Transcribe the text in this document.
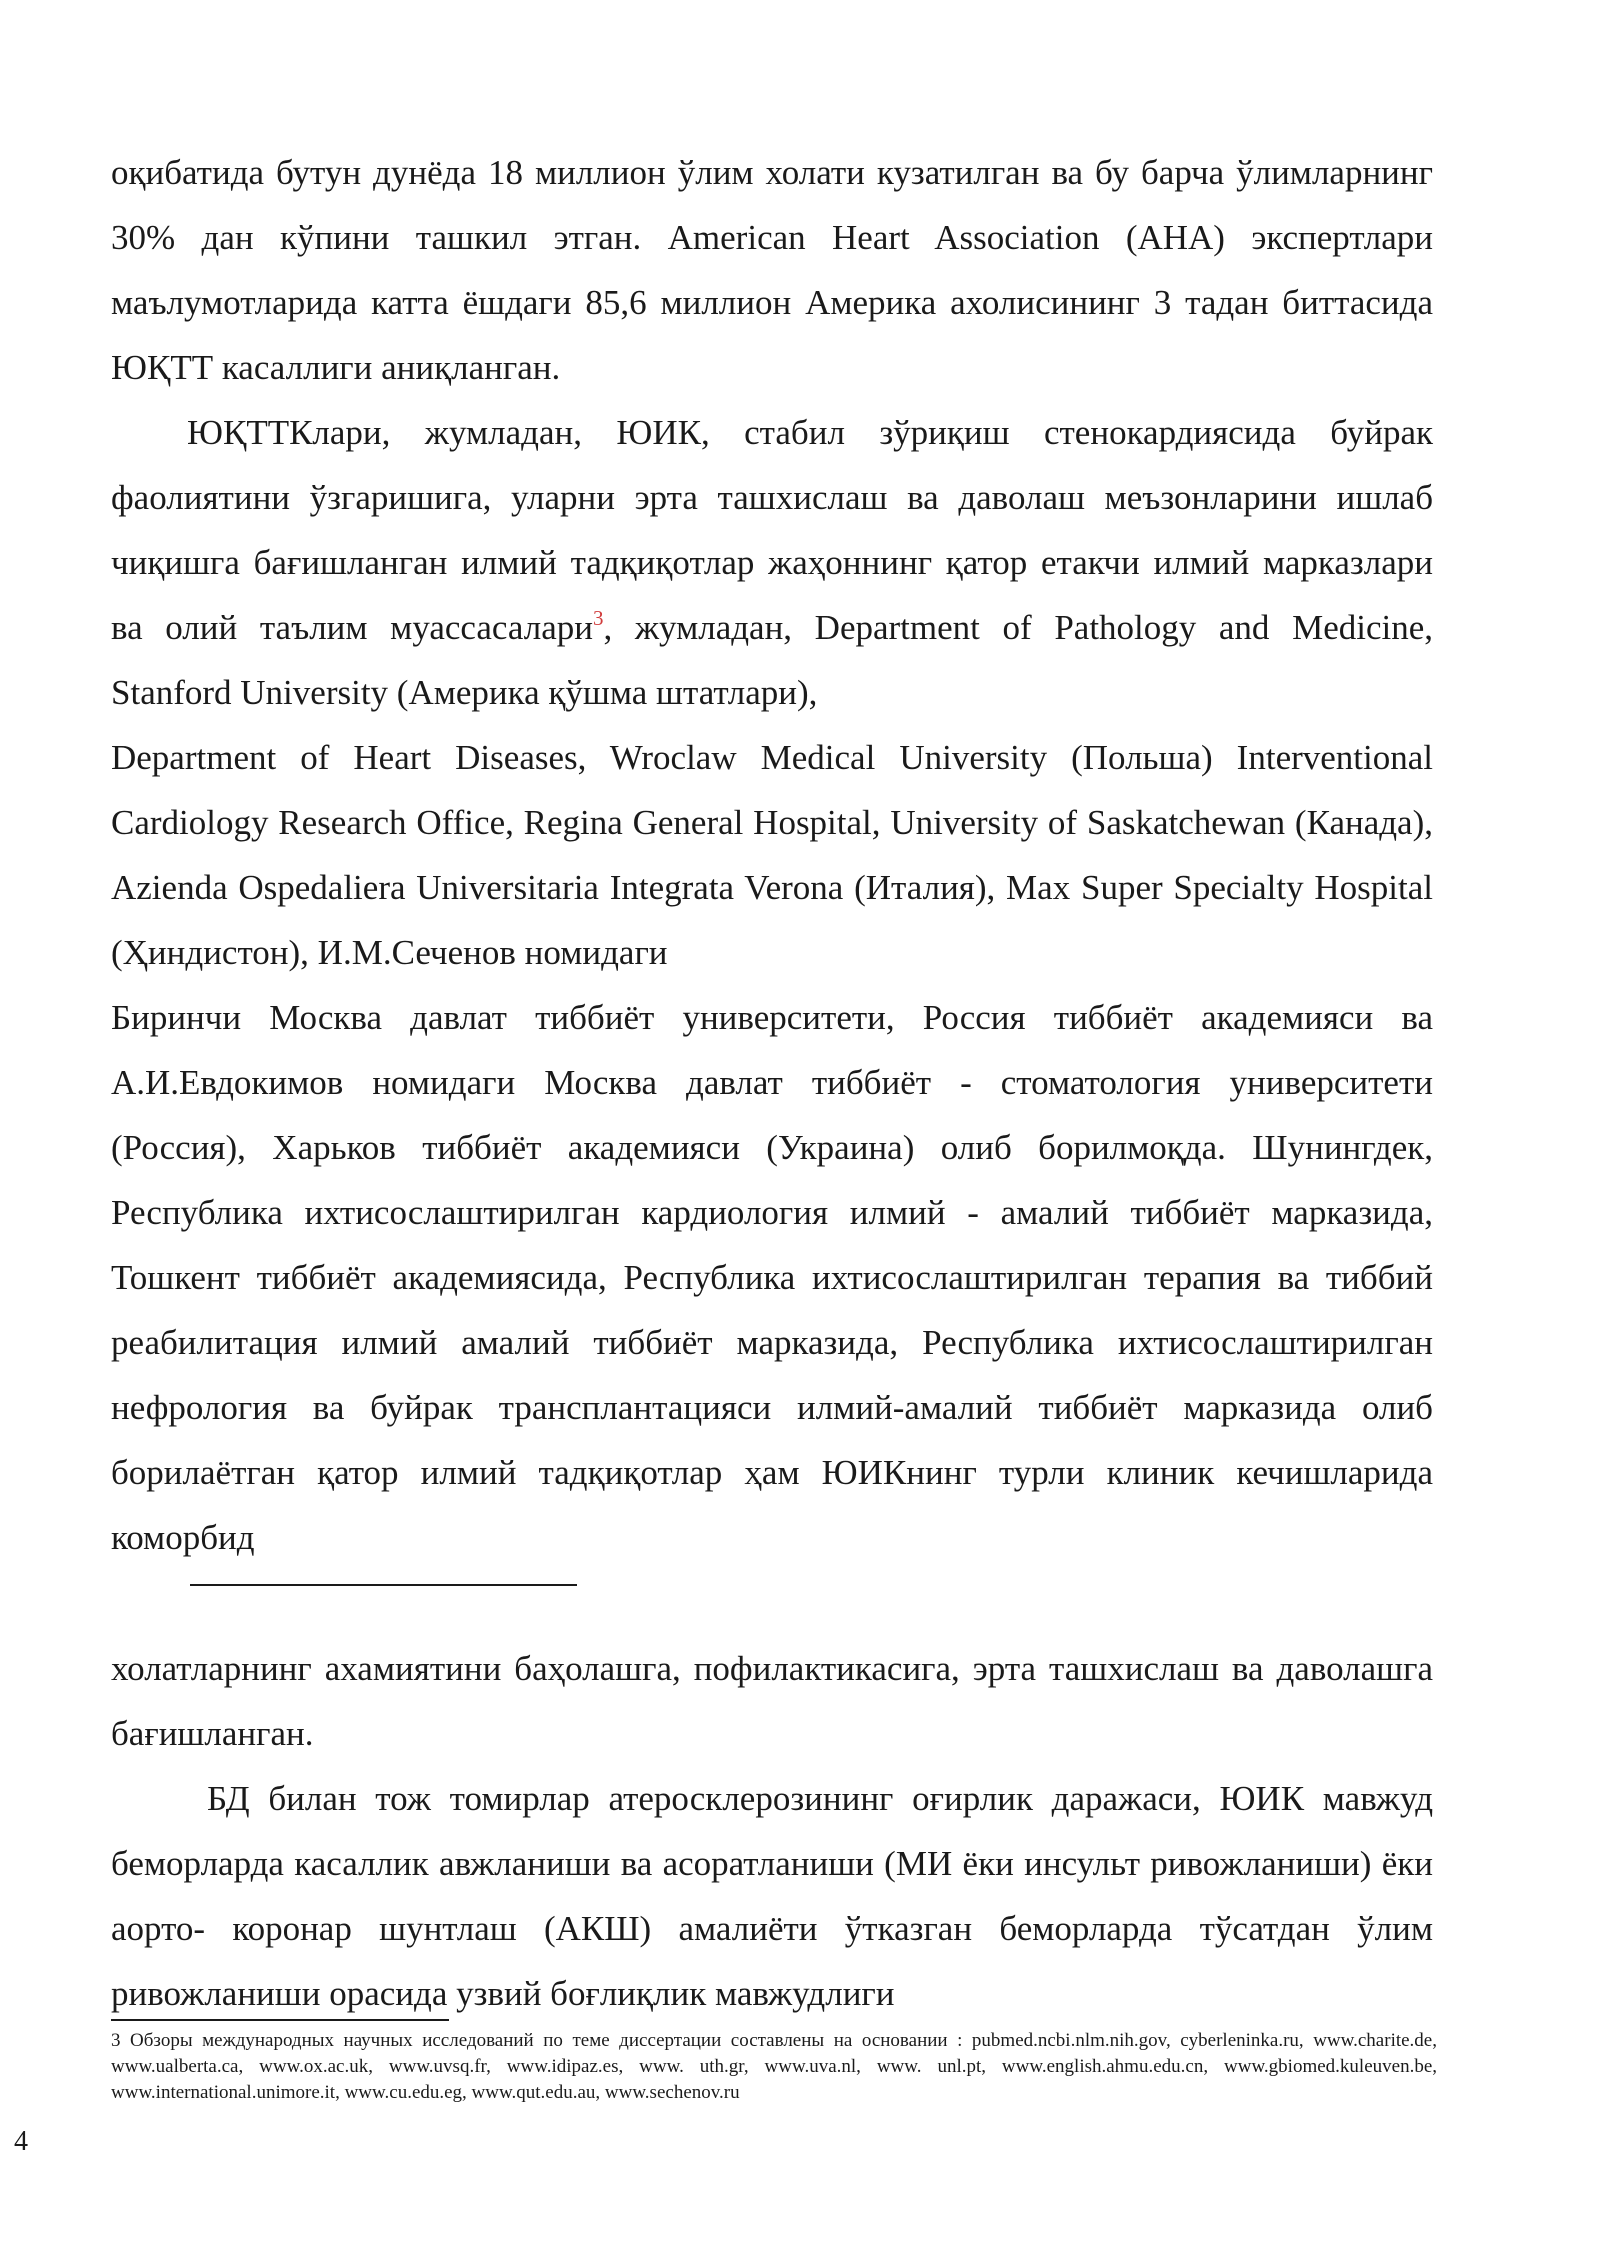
оқибатида бутун дунёда 18 миллион ўлим холати кузатилган ва бу барча ўлимларнинг 30% дан кўпини ташкил этган. American Heart Association (AHA) экспертлари маълумотларида катта ёшдаги 85,6 миллион Америка ахолисининг 3 тадан биттасида ЮҚТТ касаллиги аниқланган.

ЮҚТТКлари, жумладан, ЮИК, стабил зўриқиш стенокардиясида буйрак фаолиятини ўзгаришига, уларни эрта ташхислаш ва даволаш меъзонларини ишлаб чиқишга бағишланган илмий тадқиқотлар жаҳоннинг қатор етакчи илмий марказлари ва олий таълим муассасалари$^3$, жумладан, Department of Pathology and Medicine, Stanford University (Америка қўшма штатлари),

Department of Heart Diseases, Wroclaw Medical University (Польша) Interventional Cardiology Research Office, Regina General Hospital, University of Saskatchewan (Канада), Azienda Ospedaliera Universitaria Integrata Verona (Италия), Max Super Specialty Hospital (Ҳиндистон), И.М.Сеченов номидаги

Биринчи Москва давлат тиббиёт университети, Россия тиббиёт академияси ва А.И.Евдокимов номидаги Москва давлат тиббиёт - стоматология университети (Россия), Харьков тиббиёт академияси (Украина) олиб борилмоқда. Шунингдек, Республика ихтисослаштирилган кардиология илмий - амалий тиббиёт марказида, Тошкент тиббиёт академиясида, Республика ихтисослаштирилган терапия ва тиббий реабилитация илмий амалий тиббиёт марказида, Республика ихтисослаштирилган нефрология ва буйрак трансплантацияси илмий-амалий тиббиёт марказида олиб борилаётган қатор илмий тадқиқотлар ҳам ЮИКнинг турли клиник кечишларида коморбид

холатларнинг ахамиятини баҳолашга, пофилактикасига, эрта ташхислаш ва даволашга бағишланган.

БД билан тож томирлар атеросклерозининг оғирлик даражаси, ЮИК мавжуд беморларда касаллик авжланиши ва асоратланиши (МИ ёки инсульт ривожланиши) ёки аорто- коронар шунтлаш (АКШ) амалиёти ўтказган беморларда тўсатдан ўлим ривожланиши орасида узвий боғлиқлик мавжудлиги

3 Обзоры международных научных исследований по теме диссертации составлены на основании : pubmed.ncbi.nlm.nih.gov, cyberleninka.ru, www.charite.de, www.ualberta.ca, www.ox.ac.uk, www.uvsq.fr, www.idipaz.es, www. uth.gr, www.uva.nl, www. unl.pt, www.english.ahmu.edu.cn, www.gbiomed.kuleuven.be, www.international.unimore.it, www.cu.edu.eg, www.qut.edu.au, www.sechenov.ru

4
